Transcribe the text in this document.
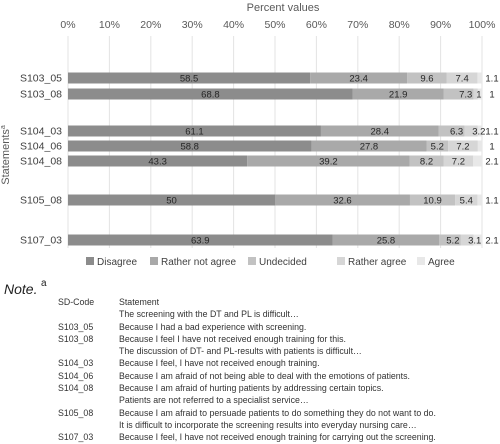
Percent values
0% 10% 20% 30% 40% 50% 60% 70% 80% 90% 100%
58.5	23.4	9.6 7.4 1.1
68.8	21.9	7.3 1 1
61.1	28.4	6.3 3.2 1.1
58.8	27.8	5.2 7.2 1
43.3	39.2	8.2 7.2 2.1
50	32.6	10.9 5.4 1.1
63.9	25.8	5.2 3.1 2.1
S103_05
S103_08
S104_03
S104_06
S104_08
S105_08
S107_03
Statements$^a$
Disagree Rather not agree Undecided	Rather agree Agree
Note. a
SD-Code	Statement
The screening with the DT and PL is difficult…
S103_05	Because I had a bad experience with screening.
S103_08	Because I feel I have not received enough training for this.
The discussion of DT- and PL-results with patients is difficult…
S104_03	Because I feel, I have not received enough training.
S104_06	Because I am afraid of not being able to deal with the emotions of patients.
S104_08	Because I am afraid of hurting patients by addressing certain topics.
Patients are not referred to a specialist service…
S105_08	Because I am afraid to persuade patients to do something they do not want to do.
It is difficult to incorporate the screening results into everyday nursing care…
S107_03	Because I feel, I have not received enough training for carrying out the screening.
